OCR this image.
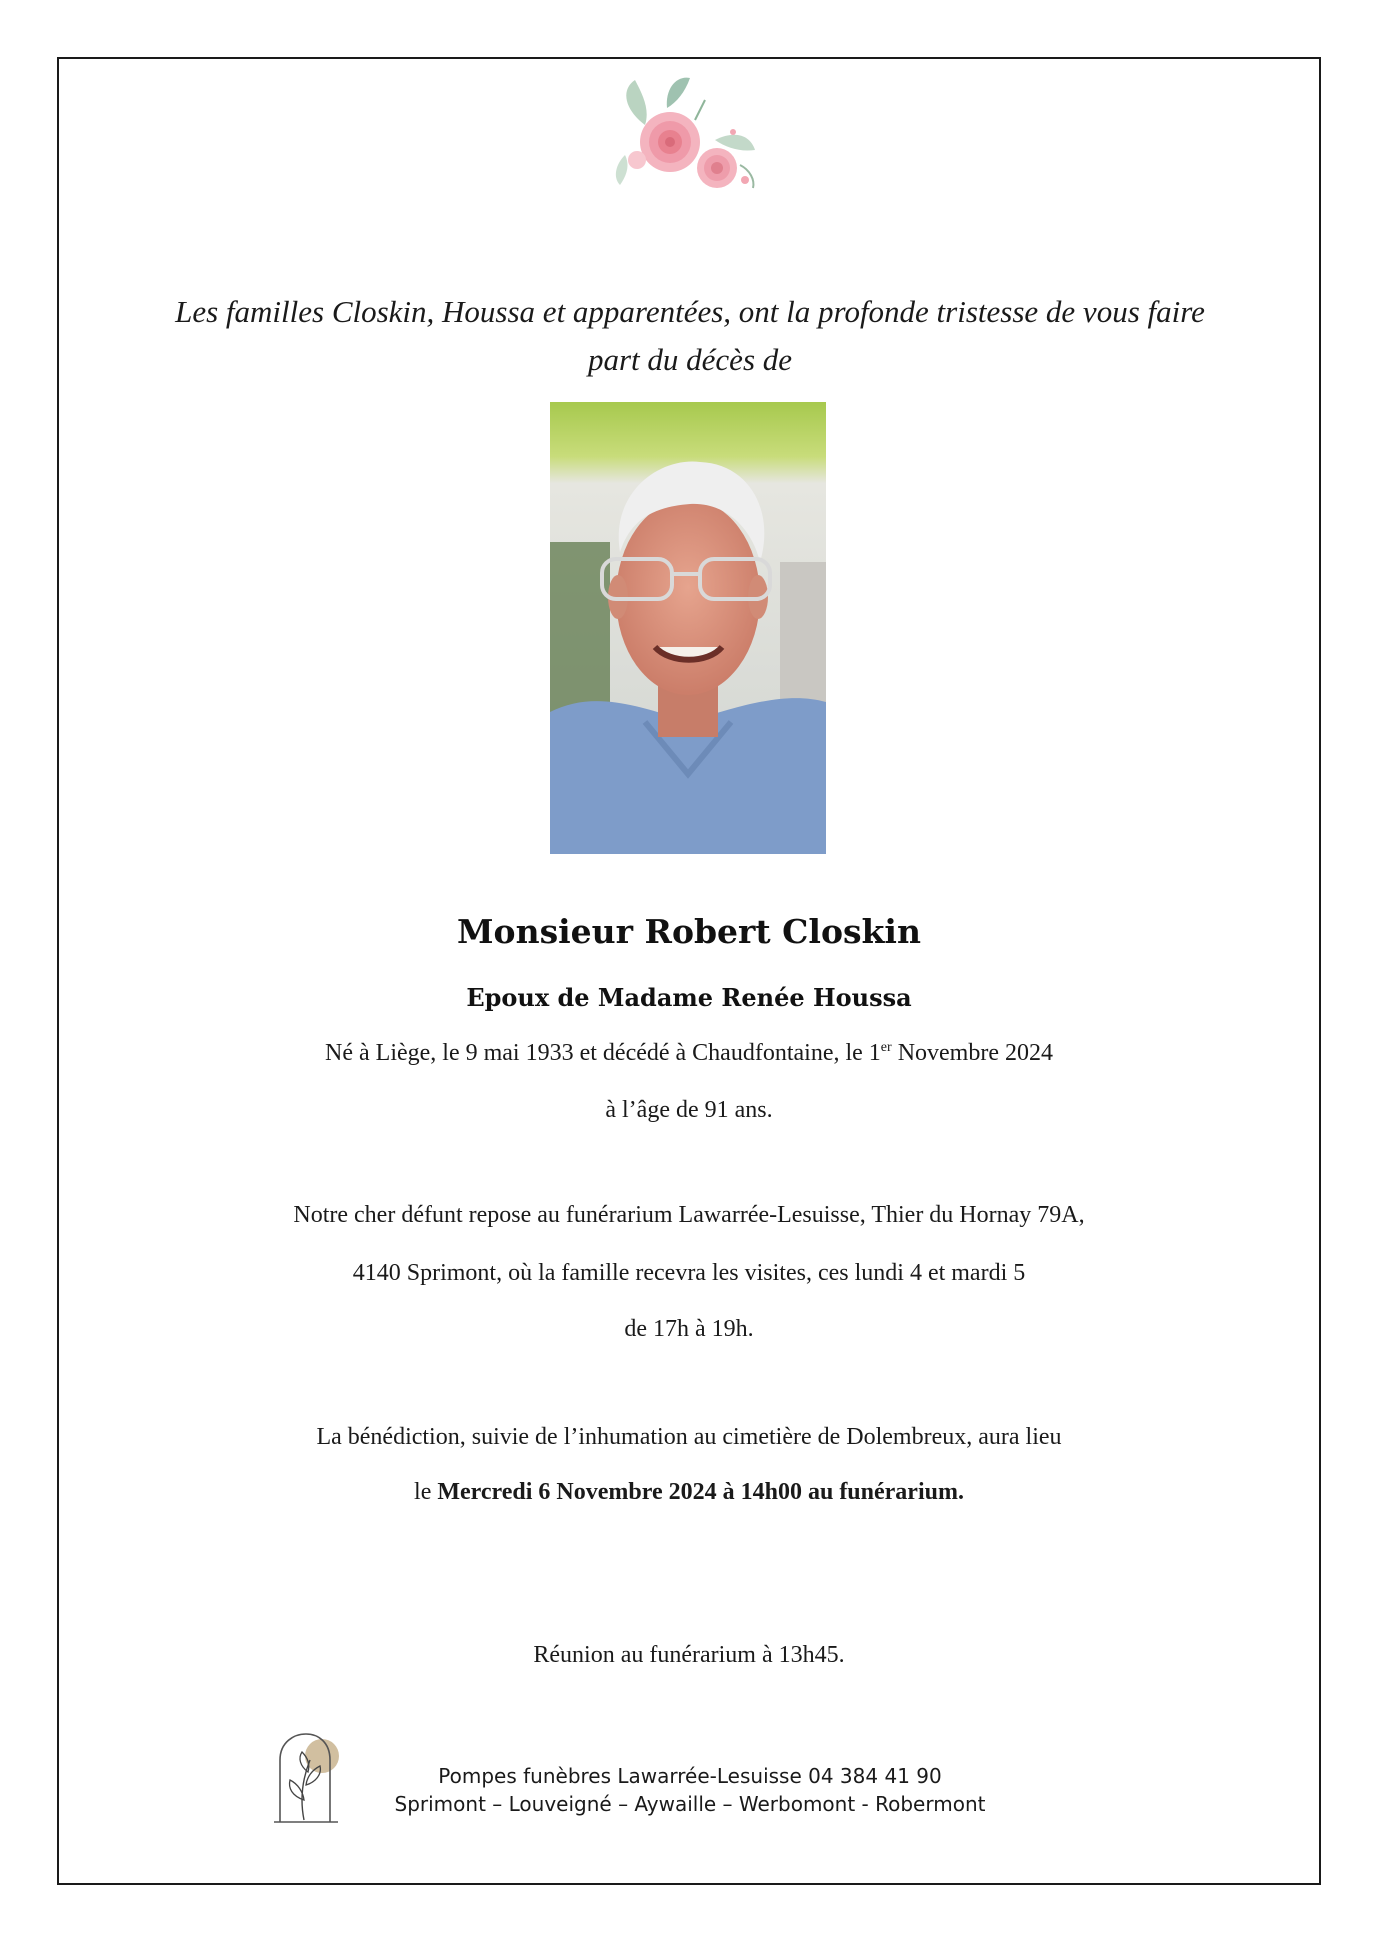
Les familles Closkin, Houssa et apparentées, ont la profonde tristesse de vous faire
part du décès de
Monsieur Robert Closkin
Epoux de Madame Renée Houssa
Né à Liège, le 9 mai 1933 et décédé à Chaudfontaine, le 1er Novembre 2024
à l’âge de 91 ans.
Notre cher défunt repose au funérarium Lawarrée-Lesuisse, Thier du Hornay 79A,
4140 Sprimont, où la famille recevra les visites, ces lundi 4 et mardi 5
de 17h à 19h.
La bénédiction, suivie de l’inhumation au cimetière de Dolembreux, aura lieu
le Mercredi 6 Novembre 2024 à 14h00 au funérarium.
Réunion au funérarium à 13h45.
Pompes funèbres Lawarrée-Lesuisse 04 384 41 90
Sprimont – Louveigné – Aywaille – Werbomont - Robermont
